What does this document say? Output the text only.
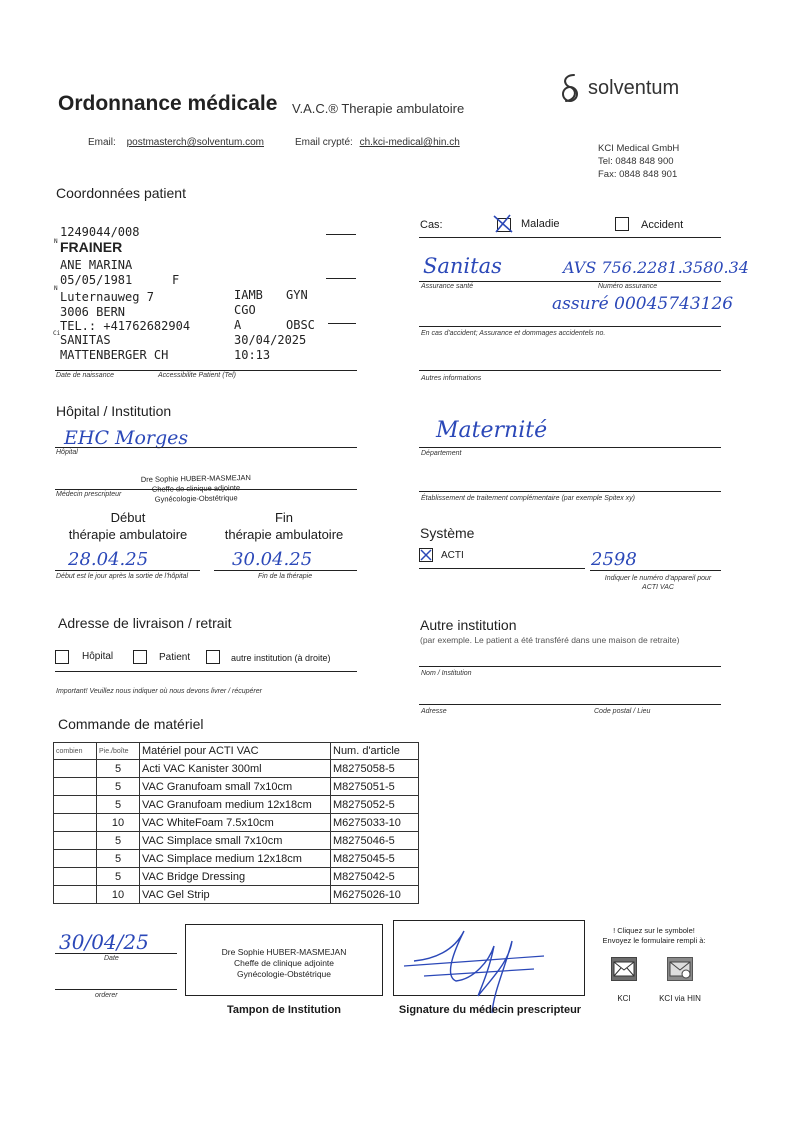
Ordonnance médicale V.A.C.® Therapie ambulatoire
solventum
Email: postmasterch@solventum.com	Email crypté: ch.kci-medical@hin.ch
KCI Medical GmbH
Tel: 0848 848 900
Fax: 0848 848 901
Coordonnées patient
N
1249044/008
FRAINER
ANE MARINA
N
05/05/1981	F
Luternauweg 7	IAMB GYN
3006 BERN	CGO
Ci
TEL.: +41762682904	A	OBSC
SANITAS	30/04/2025
MATTENBERGER CH	10:13
Date de naissance	Accessibilite Patient (Tel)
Cas:	Maladie	Accident
Sanitas	AVS 756.2281.3580.34
Assurance santé	Numéro assurance
assuré 00045743126
En cas d'accident; Assurance et dommages accidentels no.
Autres informations
Hôpital / Institution
EHC Morges
Hôpital
Dre Sophie HUBER-MASMEJAN
Cheffe de clinique adjointe
Gynécologie-Obstétrique
Médecin prescripteur
Maternité
Département
Établissement de traitement complémentaire (par exemple Spitex xy)
Début
thérapie ambulatoire
Fin
thérapie ambulatoire
28.04.25	30.04.25
Début est le jour après la sortie de l'hôpital	Fin de la thérapie
Système
ACTI	2598
Indiquer le numéro d'appareil pour ACTI VAC
Adresse de livraison / retrait
Hôpital	Patient	autre institution (à droite)
Important! Veuillez nous indiquer où nous devons livrer / récupérer
Autre institution
(par exemple. Le patient a été transféré dans une maison de retraite)
Nom / Institution
Adresse	Code postal / Lieu
Commande de matériel
combien	Pie./boîte	Matériel pour ACTI VAC	Num. d'article
	5	Acti VAC Kanister 300ml	M8275058-5
	5	VAC Granufoam small 7x10cm	M8275051-5
	5	VAC Granufoam medium 12x18cm	M8275052-5
	10	VAC WhiteFoam 7.5x10cm	M6275033-10
	5	VAC Simplace small 7x10cm	M8275046-5
	5	VAC Simplace medium 12x18cm	M8275045-5
	5	VAC Bridge Dressing	M8275042-5
	10	VAC Gel Strip	M6275026-10
30/04/25
Date
orderer
Dre Sophie HUBER-MASMEJAN
Cheffe de clinique adjointe
Gynécologie-Obstétrique
Tampon de Institution	Signature du médecin prescripteur
! Cliquez sur le symbole!
Envoyez le formulaire rempli à:
KCI	KCI via HIN
